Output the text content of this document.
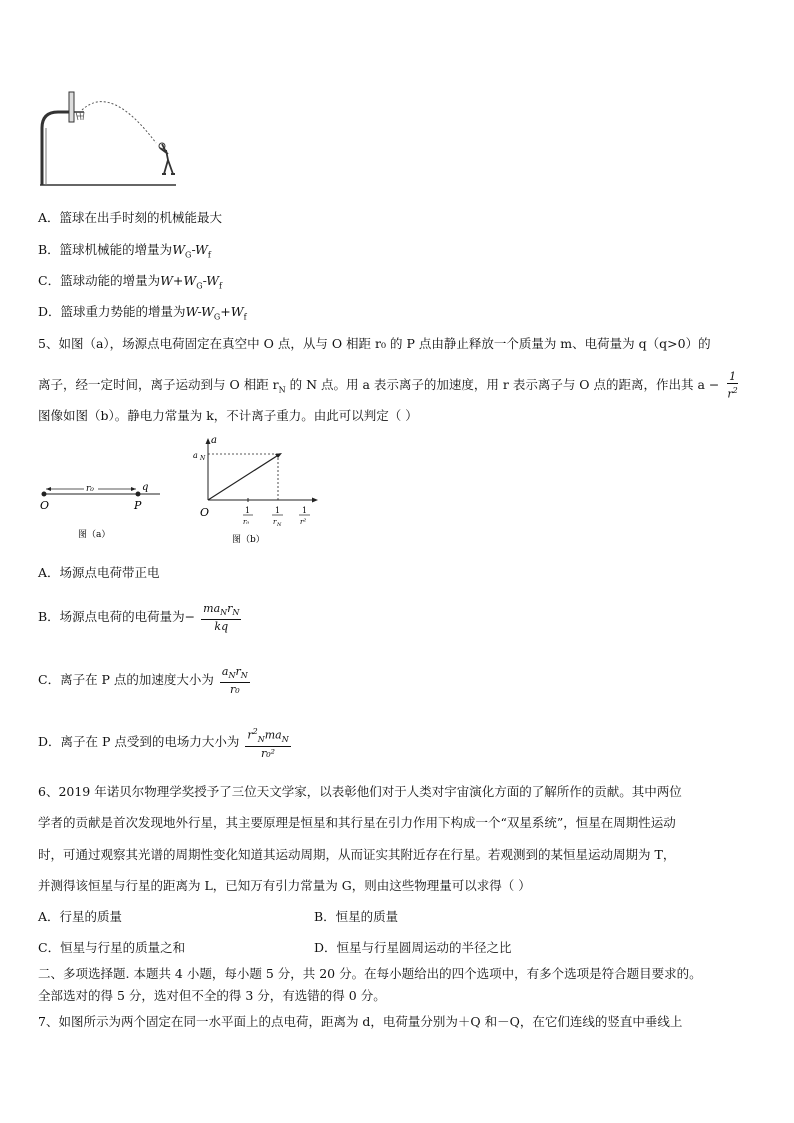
A．篮球在出手时刻的机械能最大
B．篮球机械能的增量为$W_G-W_f$
C．篮球动能的增量为$W+W_G-W_f$
D．篮球重力势能的增量为$W-W_G+W_f$
5、如图（a），场源点电荷固定在真空中 O 点，从与 O 相距 r₀ 的 P 点由静止释放一个质量为 m、电荷量为 q（q>0）的
离子，经一定时间，离子运动到与 O 相距 $r_N$ 的 N 点。用 a 表示离子的加速度，用 r 表示离子与 O 点的距离，作出其 $a - \frac{1}{r^2}$
图像如图（b）。静电力常量为 k，不计离子重力。由此可以判定（ ）
r₀	q
O	P
图（a）
a
a N
O	1
r₀
1
r N
1
r²
图（b）
A．场源点电荷带正电
B．场源点电荷的电荷量为− $\frac{ma_Nr_N}{kq}$
C．离子在 P 点的加速度大小为 $\frac{a_Nr_N}{\text{r₀}}$
D．离子在 P 点受到的电场力大小为 $\frac{r^2_Nma_N}{\text{r₀²}}$
6、2019 年诺贝尔物理学奖授予了三位天文学家，以表彰他们对于人类对宇宙演化方面的了解所作的贡献。其中两位
学者的贡献是首次发现地外行星，其主要原理是恒星和其行星在引力作用下构成一个“双星系统”，恒星在周期性运动
时，可通过观察其光谱的周期性变化知道其运动周期，从而证实其附近存在行星。若观测到的某恒星运动周期为 T，
并测得该恒星与行星的距离为 L，已知万有引力常量为 G，则由这些物理量可以求得（ ）
A．行星的质量	B．恒星的质量
C．恒星与行星的质量之和	D．恒星与行星圆周运动的半径之比
二、多项选择题. 本题共 4 小题，每小题 5 分，共 20 分。在每小题给出的四个选项中，有多个选项是符合题目要求的。
全部选对的得 5 分，选对但不全的得 3 分，有选错的得 0 分。
7、如图所示为两个固定在同一水平面上的点电荷，距离为 d，电荷量分别为＋Q 和－Q，在它们连线的竖直中垂线上
